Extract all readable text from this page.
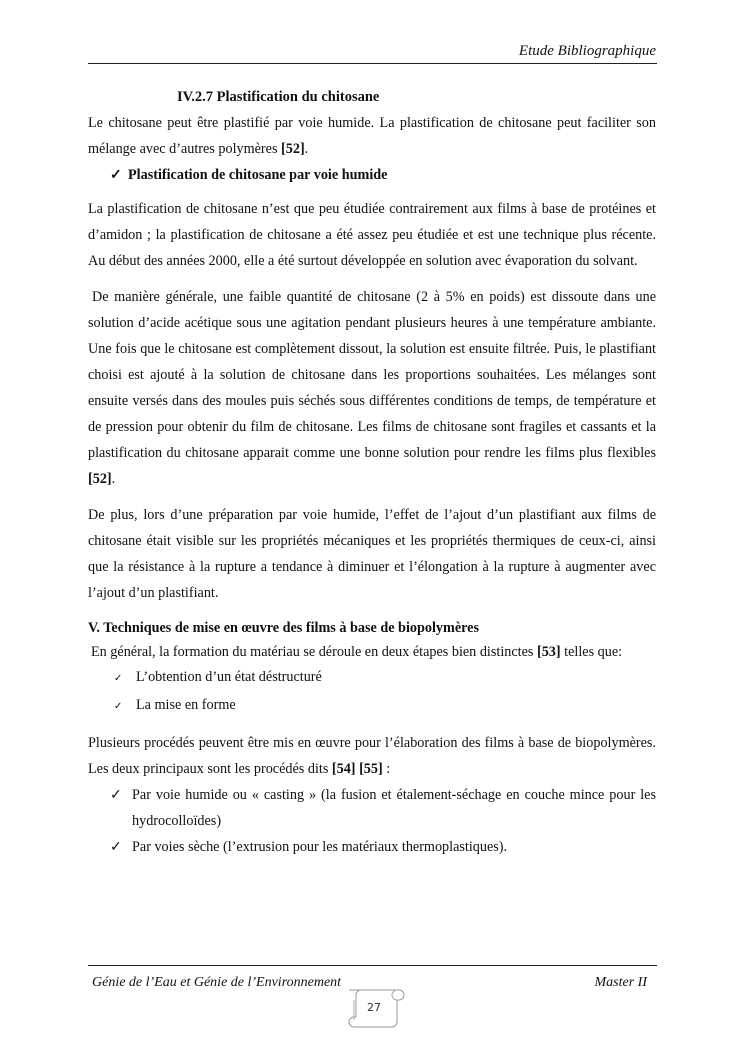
Etude Bibliographique

IV.2.7 Plastification du chitosane

Le chitosane peut être plastifié par voie humide. La plastification de chitosane peut faciliter son mélange avec d’autres polymères [52].

✓ Plastification de chitosane par voie humide

La plastification de chitosane n’est que peu étudiée contrairement aux films à base de protéines et d’amidon ; la plastification de chitosane a été assez peu étudiée et est une technique plus récente. Au début des années 2000, elle a été surtout développée en solution avec évaporation du solvant.

De manière générale, une faible quantité de chitosane (2 à 5% en poids) est dissoute dans une solution d’acide acétique sous une agitation pendant plusieurs heures à une température ambiante. Une fois que le chitosane est complètement dissout, la solution est ensuite filtrée. Puis, le plastifiant choisi est ajouté à la solution de chitosane dans les proportions souhaitées. Les mélanges sont ensuite versés dans des moules puis séchés sous différentes conditions de temps, de température et de pression pour obtenir du film de chitosane. Les films de chitosane sont fragiles et cassants et la plastification du chitosane apparait comme une bonne solution pour rendre les films plus flexibles [52].

De plus, lors d’une préparation par voie humide, l’effet de l’ajout d’un plastifiant aux films de chitosane était visible sur les propriétés mécaniques et les propriétés thermiques de ceux-ci, ainsi que la résistance à la rupture a tendance à diminuer et l’élongation à la rupture à augmenter avec l’ajout d’un plastifiant.

V. Techniques de mise en œuvre des films à base de biopolymères

En général, la formation du matériau se déroule en deux étapes bien distinctes [53] telles que:

✓ L’obtention d’un état déstructuré

✓ La mise en forme

Plusieurs procédés peuvent être mis en œuvre pour l’élaboration des films à base de biopolymères. Les deux principaux sont les procédés dits [54] [55] :

✓ Par voie humide ou « casting » (la fusion et étalement-séchage en couche mince pour les hydrocolloïdes)

✓ Par voies sèche (l’extrusion pour les matériaux thermoplastiques).

Génie de l’Eau et Génie de l’Environnement	Master II
27
